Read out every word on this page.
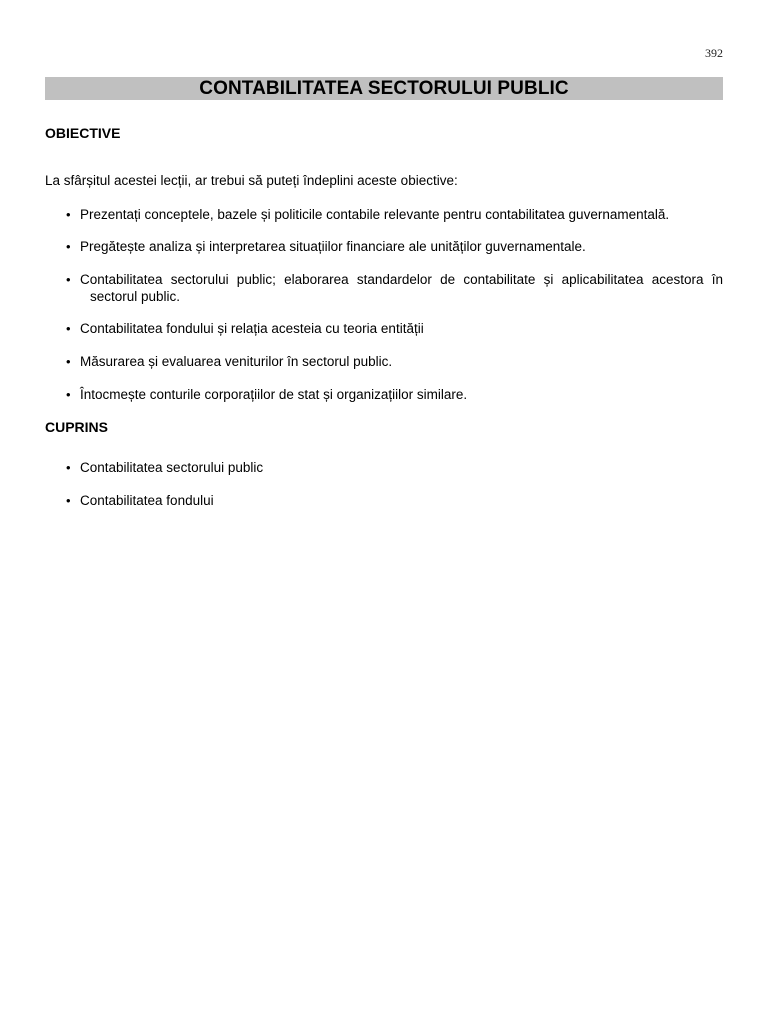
392
CONTABILITATEA SECTORULUI PUBLIC
OBIECTIVE

La sfârșitul acestei lecții, ar trebui să puteți îndeplini aceste obiective:

• Prezentați conceptele, bazele și politicile contabile relevante pentru contabilitatea guvernamentală.
• Pregătește analiza și interpretarea situațiilor financiare ale unităților guvernamentale.
• Contabilitatea sectorului public; elaborarea standardelor de contabilitate și aplicabilitatea acestora în sectorul public.
• Contabilitatea fondului și relația acesteia cu teoria entității
• Măsurarea și evaluarea veniturilor în sectorul public.
• Întocmește conturile corporațiilor de stat și organizațiilor similare.
CUPRINS
• Contabilitatea sectorului public
• Contabilitatea fondului
